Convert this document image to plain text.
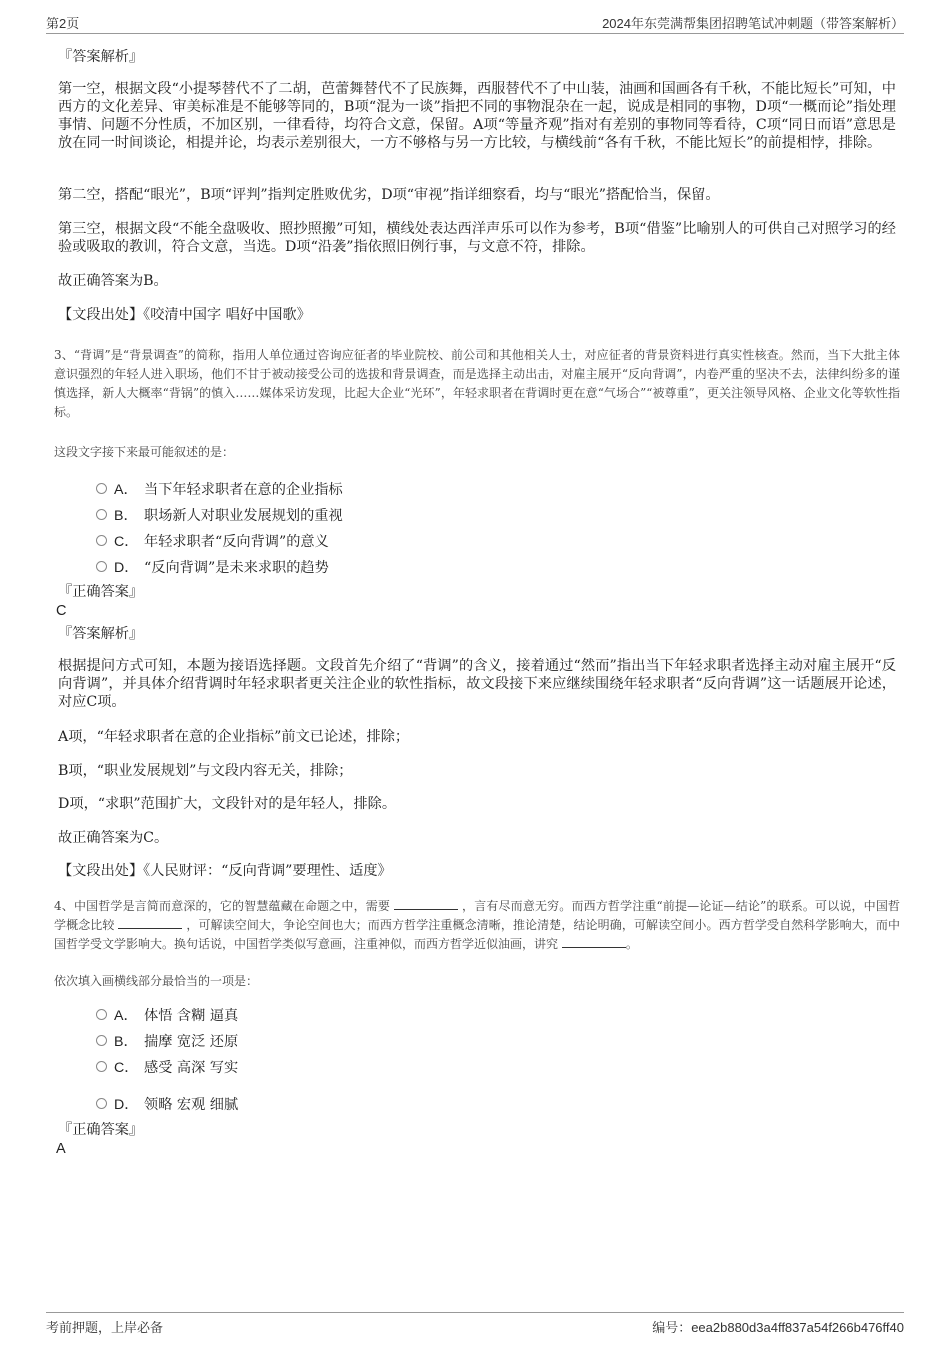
第2页	2024年东莞满帮集团招聘笔试冲刺题（带答案解析）

『答案解析』

第一空，根据文段“小提琴替代不了二胡，芭蕾舞替代不了民族舞，西服替代不了中山装，油画和国画各有千秋，不能比短长”可知，中西方的文化差异、审美标准是不能够等同的，B项“混为一谈”指把不同的事物混杂在一起，说成是相同的事物，D项“一概而论”指处理事情、问题不分性质，不加区别，一律看待，均符合文意，保留。A项“等量齐观”指对有差别的事物同等看待，C项“同日而语”意思是放在同一时间谈论，相提并论，均表示差别很大，一方不够格与另一方比较，与横线前“各有千秋，不能比短长”的前提相悖，排除。

第二空，搭配“眼光”，B项“评判”指判定胜败优劣，D项“审视”指详细察看，均与“眼光”搭配恰当，保留。

第三空，根据文段“不能全盘吸收、照抄照搬”可知，横线处表达西洋声乐可以作为参考，B项“借鉴”比喻别人的可供自己对照学习的经验或吸取的教训，符合文意，当选。D项“沿袭”指依照旧例行事，与文意不符，排除。

故正确答案为B。

【文段出处】《咬清中国字 唱好中国歌》

3、“背调”是“背景调查”的简称，指用人单位通过咨询应征者的毕业院校、前公司和其他相关人士，对应征者的背景资料进行真实性核查。然而，当下大批主体意识强烈的年轻人进入职场，他们不甘于被动接受公司的选拔和背景调查，而是选择主动出击，对雇主展开“反向背调”，内卷严重的坚决不去，法律纠纷多的谨慎选择，新人大概率“背锅”的慎入……媒体采访发现，比起大企业“光环”，年轻求职者在背调时更在意“气场合”“被尊重”，更关注领导风格、企业文化等软性指标。

这段文字接下来最可能叙述的是：

A． 当下年轻求职者在意的企业指标
B． 职场新人对职业发展规划的重视
C． 年轻求职者“反向背调”的意义
D． “反向背调”是未来求职的趋势

『正确答案』

C

『答案解析』

根据提问方式可知，本题为接语选择题。文段首先介绍了“背调”的含义，接着通过“然而”指出当下年轻求职者选择主动对雇主展开“反向背调”，并具体介绍背调时年轻求职者更关注企业的软性指标，故文段接下来应继续围绕年轻求职者“反向背调”这一话题展开论述，对应C项。

A项，“年轻求职者在意的企业指标”前文已论述，排除；

B项，“职业发展规划”与文段内容无关，排除；

D项，“求职”范围扩大，文段针对的是年轻人，排除。

故正确答案为C。

【文段出处】《人民财评：“反向背调”要理性、适度》

4、中国哲学是言简而意深的，它的智慧蕴藏在命题之中，需要	，言有尽而意无穷。而西方哲学注重“前提—论证—结论”的联系。可以说，中国哲学概念比较	，可解读空间大，争论空间也大；而西方哲学注重概念清晰，推论清楚，结论明确，可解读空间小。西方哲学受自然科学影响大，而中国哲学受文学影响大。换句话说，中国哲学类似写意画，注重神似，而西方哲学近似油画，讲究	。

依次填入画横线部分最恰当的一项是：

A． 体悟 含糊 逼真
B． 揣摩 宽泛 还原
C． 感受 高深 写实
D． 领略 宏观 细腻

『正确答案』

A

考前押题，上岸必备	编号：eea2b880d3a4ff837a54f266b476ff40
